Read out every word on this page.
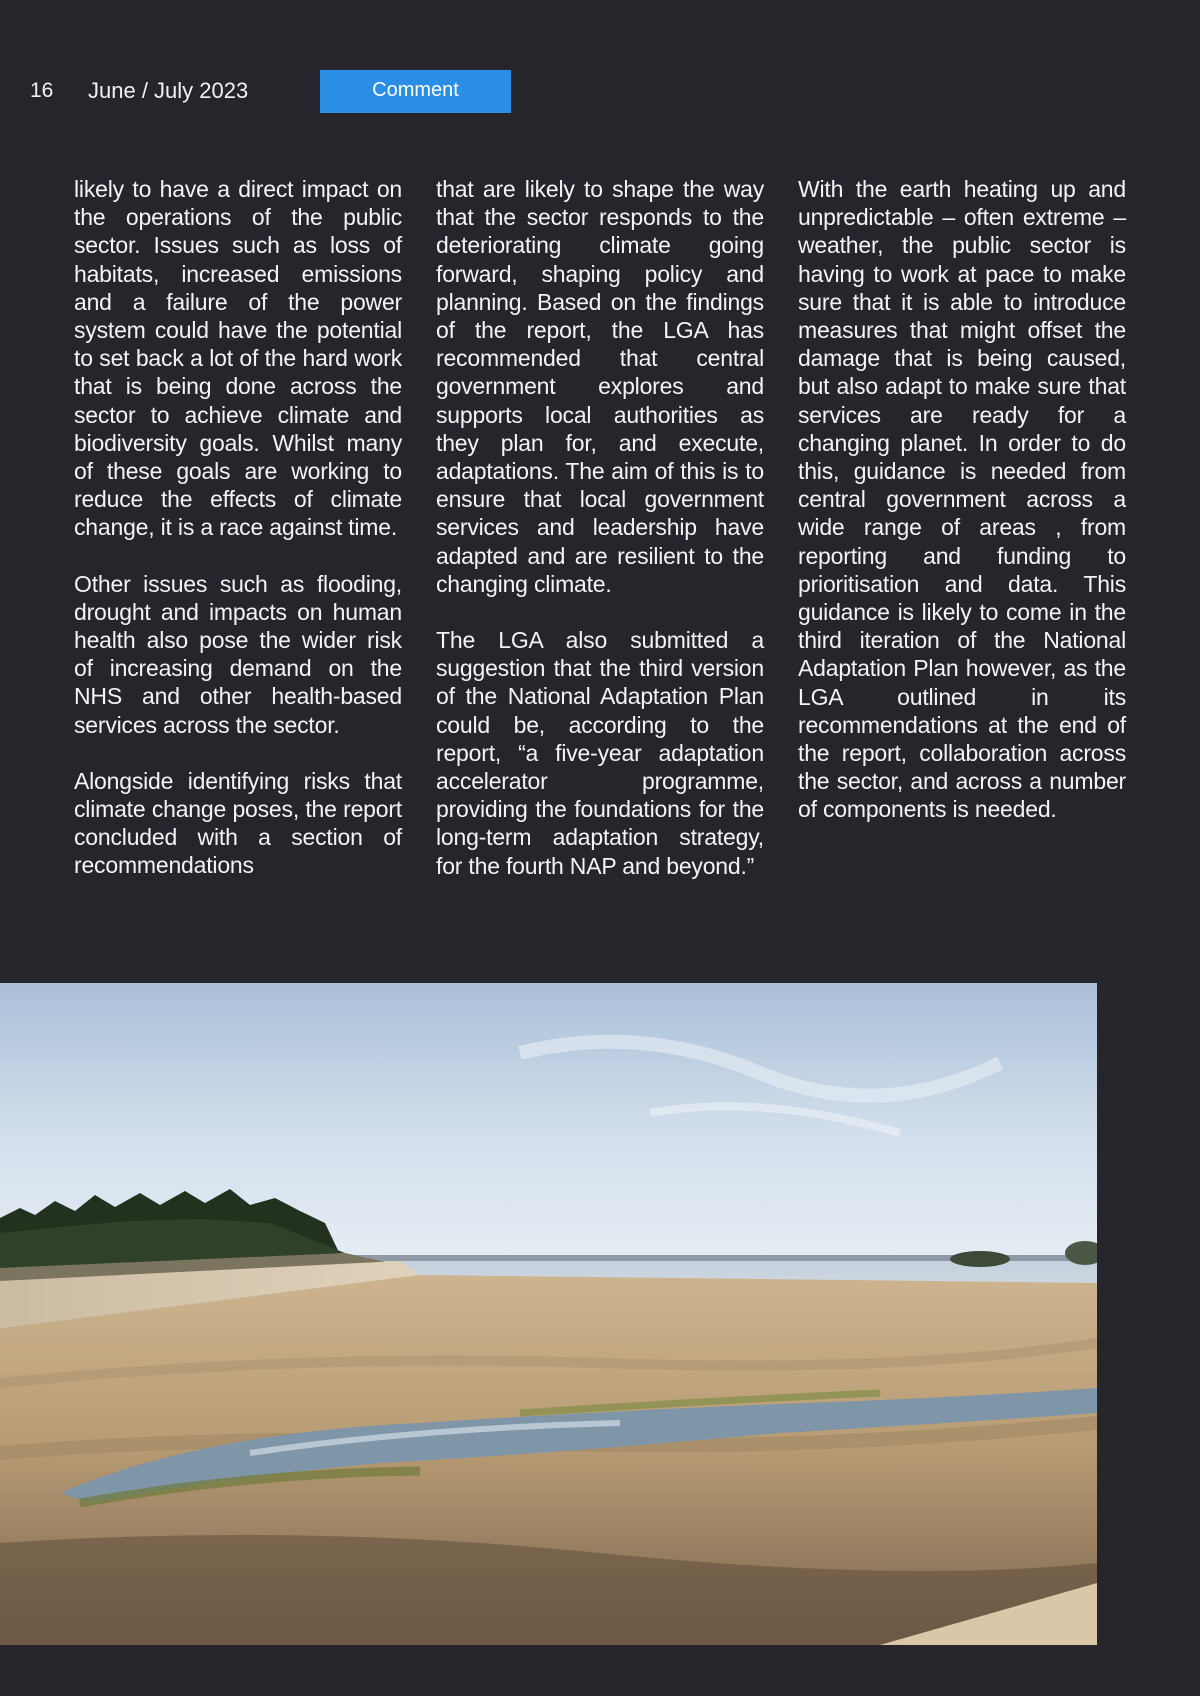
16 June / July 2023	Comment

likely to have a direct impact on the operations of the public sector. Issues such as loss of habitats, increased emissions and a failure of the power system could have the potential to set back a lot of the hard work that is being done across the sector to achieve climate and biodiversity goals. Whilst many of these goals are working to reduce the effects of climate change, it is a race against time.

Other issues such as flooding, drought and impacts on human health also pose the wider risk of increasing demand on the NHS and other health-based services across the sector.

Alongside identifying risks that climate change poses, the report concluded with a section of recommendations

that are likely to shape the way that the sector responds to the deteriorating climate going forward, shaping policy and planning. Based on the findings of the report, the LGA has recommended that central government explores and supports local authorities as they plan for, and execute, adaptations. The aim of this is to ensure that local government services and leadership have adapted and are resilient to the changing climate.

The LGA also submitted a suggestion that the third version of the National Adaptation Plan could be, according to the report, “a five-year adaptation accelerator programme, providing the foundations for the long-term adaptation strategy, for the fourth NAP and beyond.”

With the earth heating up and unpredictable – often extreme – weather, the public sector is having to work at pace to make sure that it is able to introduce measures that might offset the damage that is being caused, but also adapt to make sure that services are ready for a changing planet. In order to do this, guidance is needed from central government across a wide range of areas , from reporting and funding to prioritisation and data. This guidance is likely to come in the third iteration of the National Adaptation Plan however, as the LGA outlined in its recommendations at the end of the report, collaboration across the sector, and across a number of components is needed.
